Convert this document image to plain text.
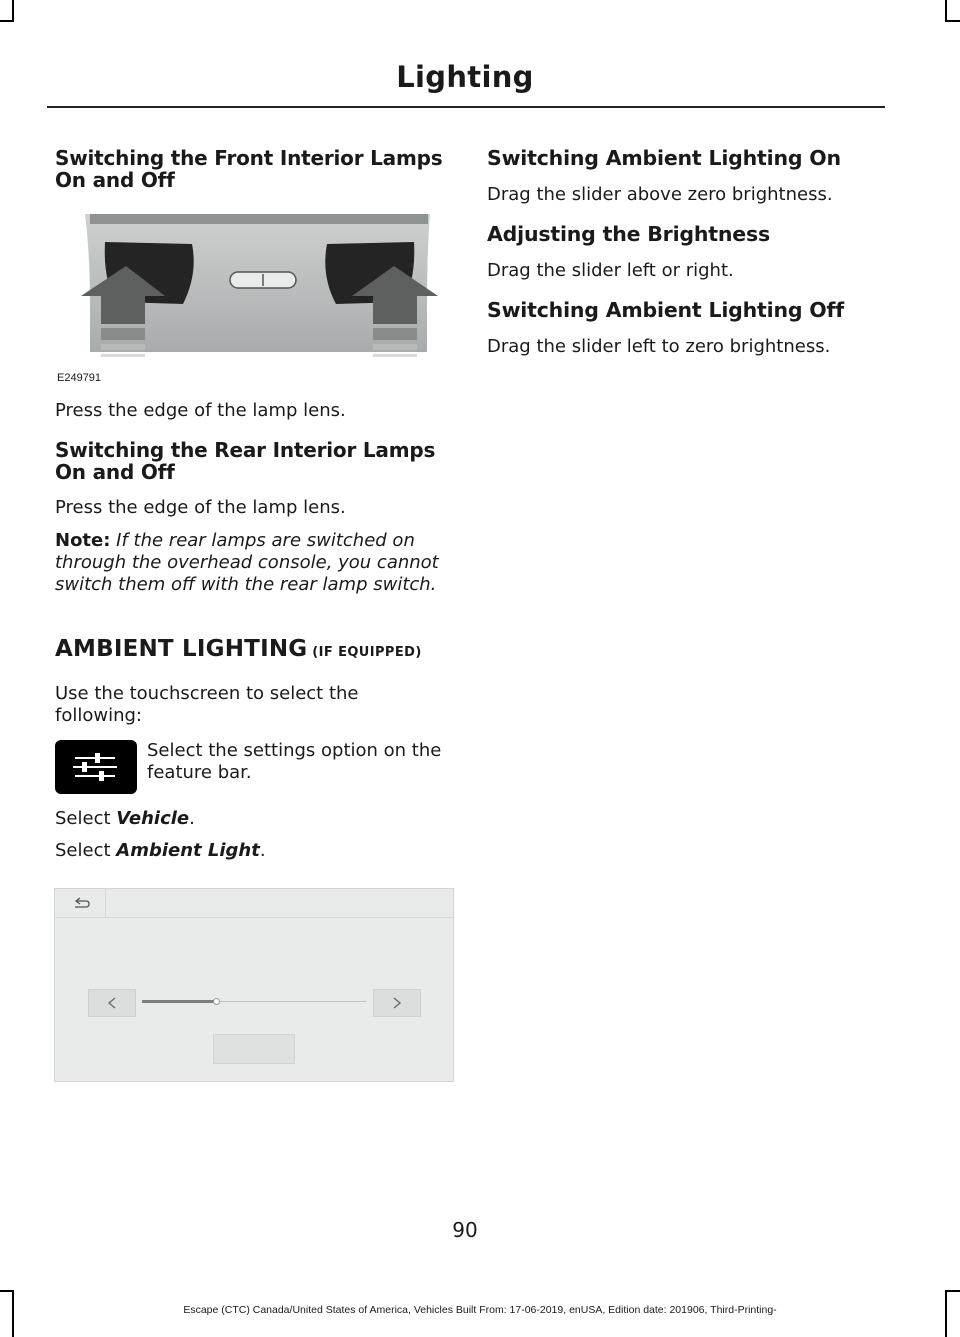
Lighting
Switching the Front Interior Lamps
On and Off
E249791

Press the edge of the lamp lens.

Switching the Rear Interior Lamps
On and Off

Press the edge of the lamp lens.

Note: If the rear lamps are switched on through the overhead console, you cannot switch them off with the rear lamp switch.

AMBIENT LIGHTING (IF EQUIPPED)

Use the touchscreen to select the following:

Select the settings option on the feature bar.

Select Vehicle.

Select Ambient Light.

Switching Ambient Lighting On

Drag the slider above zero brightness.

Adjusting the Brightness

Drag the slider left or right.

Switching Ambient Lighting Off

Drag the slider left to zero brightness.

90
Escape (CTC) Canada/United States of America, Vehicles Built From: 17-06-2019, enUSA, Edition date: 201906, Third-Printing-
